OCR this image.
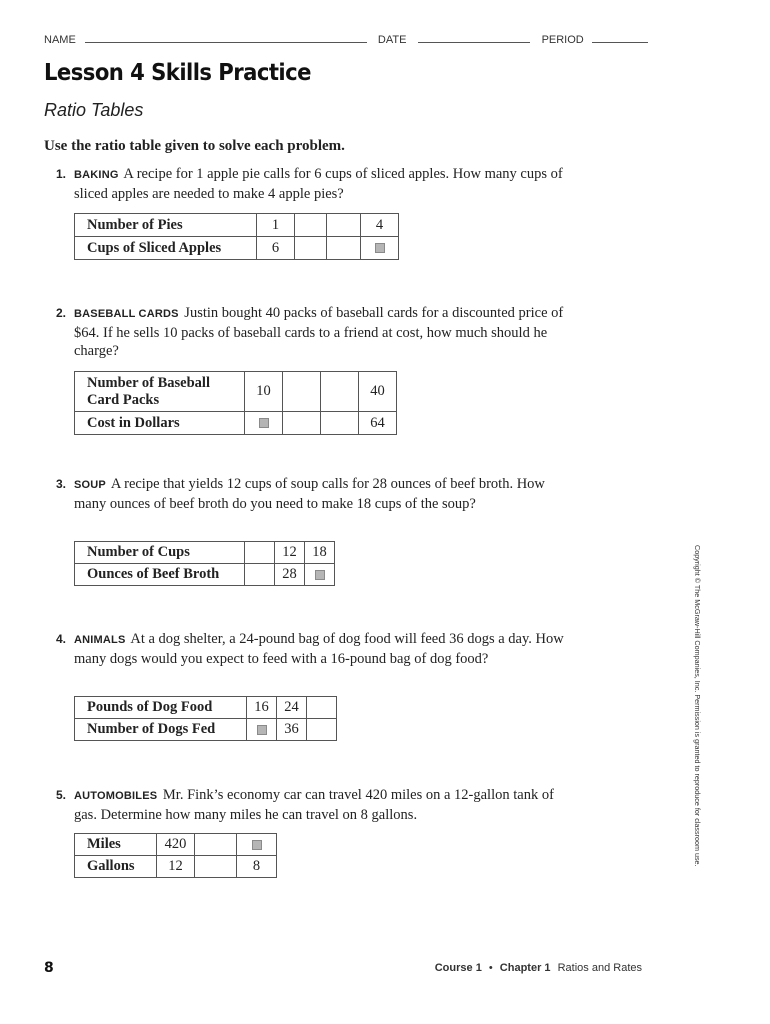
NAME	DATE	PERIOD
Lesson 4 Skills Practice
Ratio Tables
Use the ratio table given to solve each problem.
1. BAKING A recipe for 1 apple pie calls for 6 cups of sliced apples. How many cups of sliced apples are needed to make 4 apple pies?
Number of Pies	1			4
Cups of Sliced Apples	6			
2. BASEBALL CARDS Justin bought 40 packs of baseball cards for a discounted price of $64. If he sells 10 packs of baseball cards to a friend at cost, how much should he charge?
Number of Baseball Card Packs	10			40
Cost in Dollars				64
3. SOUP A recipe that yields 12 cups of soup calls for 28 ounces of beef broth. How many ounces of beef broth do you need to make 18 cups of the soup?
Number of Cups		12	18
Ounces of Beef Broth		28	
4. ANIMALS At a dog shelter, a 24-pound bag of dog food will feed 36 dogs a day. How many dogs would you expect to feed with a 16-pound bag of dog food?
Pounds of Dog Food	16	24	
Number of Dogs Fed		36	
5. AUTOMOBILES Mr. Fink’s economy car can travel 420 miles on a 12-gallon tank of gas. Determine how many miles he can travel on 8 gallons.
Miles	420		
Gallons	12		8	Copyright © The McGraw-Hill Companies, Inc. Permission is granted to reproduce for classroom use.
8	Course 1 • Chapter 1 Ratios and Rates
